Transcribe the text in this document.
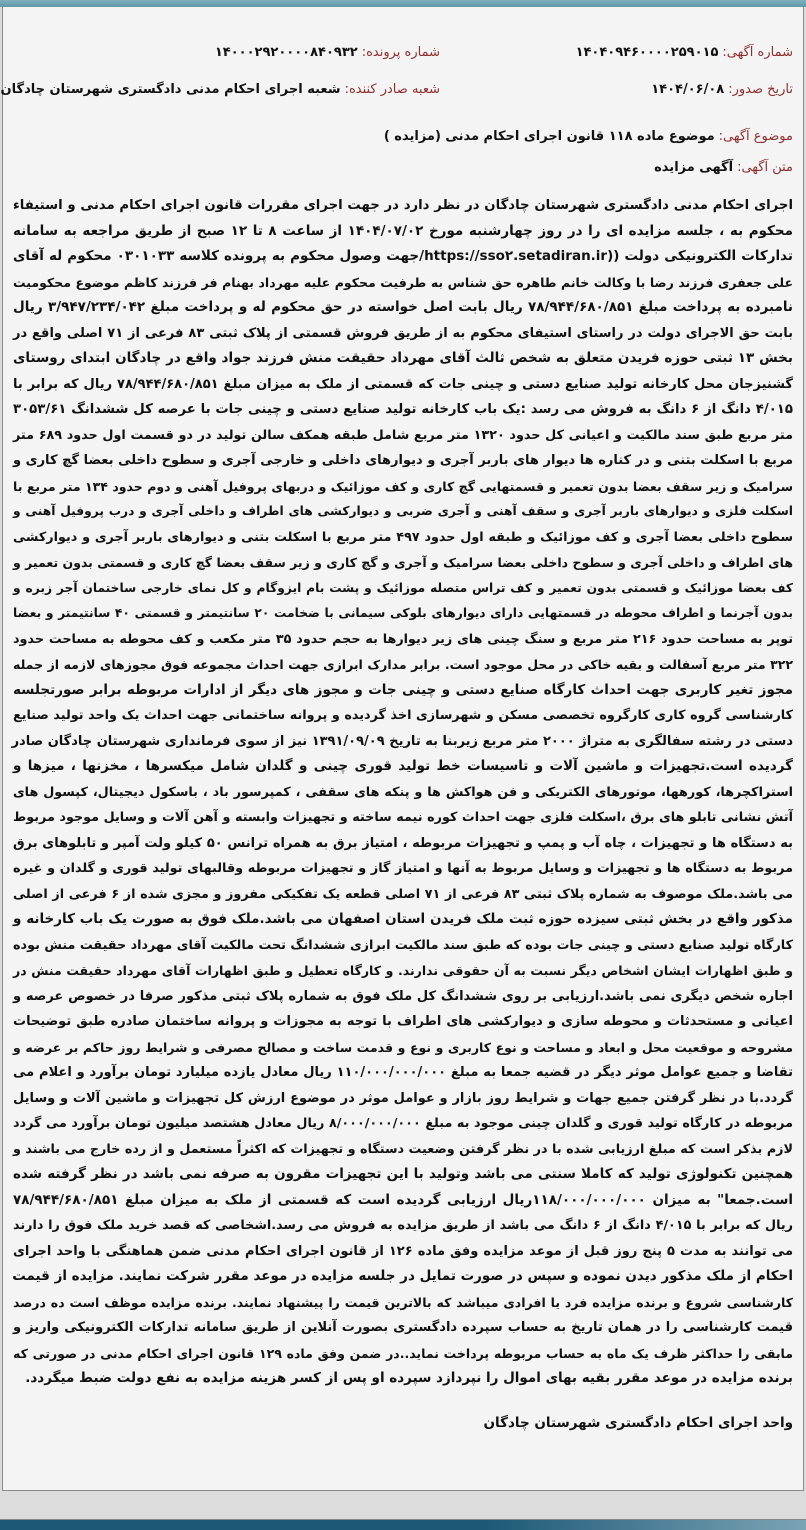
شماره آگهی:۱۴۰۴۰۹۴۶۰۰۰۰۲۵۹۰۱۵
شماره پرونده:۱۴۰۰۰۲۹۲۰۰۰۰۸۴۰۹۳۲
تاریخ صدور:۱۴۰۴/۰۶/۰۸
شعبه صادر کننده:شعبه اجرای احکام مدنی دادگستری شهرستان چادگان
موضوع آگهی:موضوع ماده ۱۱۸ قانون اجرای احکام مدنی (مزایده )
متن آگهی:آگهی مزایده
اجرای احکام مدنی دادگستری شهرستان چادگان در نظر دارد در جهت اجرای مقررات قانون اجرای احکام مدنی و استیفاء
محکوم به ، جلسه مزایده ای را در روز چهارشنبه مورخ ۱۴۰۴/۰۷/۰۲ از ساعت ۸ تا ۱۲ صبح از طریق مراجعه به سامانه
تدارکات الکترونیکی دولت ((https://sso۲.setadiran.ir/جهت وصول محکوم به پرونده کلاسه ۰۳۰۱۰۳۳ محکوم له آقای
علی جعفری فرزند رضا با وکالت خانم طاهره حق شناس به طرفیت محکوم علیه مهرداد بهنام فر فرزند کاظم موضوع محکومیت
نامبرده به پرداخت مبلغ ۷۸/۹۴۴/۶۸۰/۸۵۱ ریال بابت اصل خواسته در حق محکوم له و پرداخت مبلغ ۳/۹۴۷/۲۳۴/۰۴۲ ریال
بابت حق الاجرای دولت در راستای استیفای محکوم به از طریق فروش قسمتی از پلاک ثبتی ۸۳ فرعی از ۷۱ اصلی واقع در
بخش ۱۳ ثبتی حوزه فریدن متعلق به شخص ثالث آقای مهرداد حقیقت منش فرزند جواد واقع در چادگان ابتدای روستای
گشنیزجان محل کارخانه تولید صنایع دستی و چینی جات که قسمتی از ملک به میزان مبلغ ۷۸/۹۴۴/۶۸۰/۸۵۱ ریال که برابر با
۴/۰۱۵ دانگ از ۶ دانگ به فروش می رسد :یک باب کارخانه تولید صنایع دستی و چینی جات با عرصه کل ششدانگ ۳۰۵۳/۶۱
متر مربع طبق سند مالکیت و اعیانی کل حدود ۱۳۲۰ متر مربع شامل طبقه همکف سالن تولید در دو قسمت اول حدود ۶۸۹ متر
مربع با اسکلت بتنی و در کناره ها دیوار های باربر آجری و دیوارهای داخلی و خارجی آجری و سطوح داخلی بعضا گچ کاری و
سرامیک و زیر سقف بعضا بدون تعمیر و قسمتهایی گچ کاری و کف موزائیک و دربهای پروفیل آهنی و دوم حدود ۱۳۴ متر مربع با
اسکلت فلزی و دیوارهای باربر آجری و سقف آهنی و آجری ضربی و دیوارکشی های اطراف و داخلی آجری و درب پروفیل آهنی و
سطوح داخلی بعضا آجری و کف موزائیک و طبقه اول حدود ۴۹۷ متر مربع با اسکلت بتنی و دیوارهای باربر آجری و دیوارکشی
های اطراف و داخلی آجری و سطوح داخلی بعضا سرامیک و آجری و گچ کاری و زیر سقف بعضا گچ کاری و قسمتی بدون تعمیر و
کف بعضا موزائیک و قسمتی بدون تعمیر و کف تراس متصله موزائیک و پشت بام ایزوگام و کل نمای خارجی ساختمان آجر زبره و
بدون آجرنما و اطراف محوطه در قسمتهایی دارای دیوارهای بلوکی سیمانی با ضخامت ۲۰ سانتیمتر و قسمتی ۴۰ سانتیمتر و بعضا
توپر به مساحت حدود ۲۱۶ متر مربع و سنگ چینی های زیر دیوارها به حجم حدود ۳۵ متر مکعب و کف محوطه به مساحت حدود
۳۲۲ متر مربع آسفالت و بقیه خاکی در محل موجود است. برابر مدارک ابرازی جهت احداث مجموعه فوق مجوزهای لازمه از جمله
مجوز تغیر کاربری جهت احداث کارگاه صنایع دستی و چینی جات و مجوز های دیگر از ادارات مربوطه برابر صورتجلسه
کارشناسی گروه کاری کارگروه تخصصی مسکن و شهرسازی اخذ گردیده و پروانه ساختمانی جهت احداث یک واحد تولید صنایع
دستی در رشته سفالگری به متراژ ۲۰۰۰ متر مربع زیربنا به تاریخ ۱۳۹۱/۰۹/۰۹ نیز از سوی فرمانداری شهرستان چادگان صادر
گردیده است.تجهیزات و ماشین آلات و تاسیسات خط تولید قوری چینی و گلدان شامل میکسرها ، مخزنها ، میزها و
استراکچرها، کورهها، موتورهای الکتریکی و فن هواکش ها و پنکه های سقفی ، کمپرسور باد ، باسکول دیجیتال، کپسول های
آتش نشانی تابلو های برق ،اسکلت فلزی جهت احداث کوره نیمه ساخته و تجهیزات وابسته و آهن آلات و وسایل موجود مربوط
به دستگاه ها و تجهیزات ، چاه آب و پمپ و تجهیزات مربوطه ، امتیاز برق به همراه ترانس ۵۰ کیلو ولت آمپر و تابلوهای برق
مربوط به دستگاه ها و تجهیزات و وسایل مربوط به آنها و امتیاز گاز و تجهیزات مربوطه وقالبهای تولید قوری و گلدان و غیره
می باشد.ملک موصوف به شماره پلاک ثبتی ۸۳ فرعی از ۷۱ اصلی قطعه یک تفکیکی مفروز و مجزی شده از ۶ فرعی از اصلی
مذکور واقع در بخش ثبتی سیزده حوزه ثبت ملک فریدن استان اصفهان می باشد.ملک فوق به صورت یک باب کارخانه و
کارگاه تولید صنایع دستی و چینی جات بوده که طبق سند مالکیت ابرازی ششدانگ تحت مالکیت آقای مهرداد حقیقت منش بوده
و طبق اظهارات ایشان اشخاص دیگر نسبت به آن حقوقی ندارند. و کارگاه تعطیل و طبق اظهارات آقای مهرداد حقیقت منش در
اجاره شخص دیگری نمی باشد.ارزیابی بر روی ششدانگ کل ملک فوق به شماره پلاک ثبتی مذکور صرفا در خصوص عرصه و
اعیانی و مستحدثات و محوطه سازی و دیوارکشی های اطراف با توجه به مجوزات و پروانه ساختمان صادره طبق توضیحات
مشروحه و موقعیت محل و ابعاد و مساحت و نوع کاربری و نوع و قدمت ساخت و مصالح مصرفی و شرایط روز حاکم بر عرضه و
تقاضا و جمیع عوامل موثر دیگر در قضیه جمعا به مبلغ ۱۱۰/۰۰۰/۰۰۰/۰۰۰ ریال معادل یازده میلیارد تومان برآورد و اعلام می
گردد.با در نظر گرفتن جمیع جهات و شرایط روز بازار و عوامل موثر در موضوع ارزش کل تجهیزات و ماشین آلات و وسایل
مربوطه در کارگاه تولید قوری و گلدان چینی موجود به مبلغ ۸/۰۰۰/۰۰۰/۰۰۰ ریال معادل هشتصد میلیون تومان برآورد می گردد
لازم بذکر است که مبلغ ارزیابی شده با در نظر گرفتن وضعیت دستگاه و تجهیزات که اکثراً مستعمل و از رده خارج می باشند و
همچنین تکنولوژی تولید که کاملا سنتی می باشد وتولید با این تجهیزات مقرون به صرفه نمی باشد در نظر گرفته شده
است.جمعا" به میزان ۱۱۸/۰۰۰/۰۰۰/۰۰۰ریال ارزیابی گردیده است که قسمتی از ملک به میزان مبلغ ۷۸/۹۴۴/۶۸۰/۸۵۱
ریال که برابر با ۴/۰۱۵ دانگ از ۶ دانگ می باشد از طریق مزایده به فروش می رسد.اشخاصی که قصد خرید ملک فوق را دارند
می توانند به مدت ۵ پنج روز قبل از موعد مزایده وفق ماده ۱۲۶ از قانون اجرای احکام مدنی ضمن هماهنگی با واحد اجرای
احکام از ملک مذکور دیدن نموده و سپس در صورت تمایل در جلسه مزایده در موعد مقرر شرکت نمایند. مزایده از قیمت
کارشناسی شروع و برنده مزایده فرد یا افرادی میباشد که بالاترین قیمت را پیشنهاد نمایند. برنده مزایده موظف است ده درصد
قیمت کارشناسی را در همان تاریخ به حساب سپرده دادگستری بصورت آنلاین از طریق سامانه تدارکات الکترونیکی واریز و
مابقی را حداکثر ظرف یک ماه به حساب مربوطه پرداخت نماید..در ضمن وفق ماده ۱۲۹ قانون اجرای احکام مدنی در صورتی که
برنده مزایده در موعد مقرر بقیه بهای اموال را نپردازد سپرده او پس از کسر هزینه مزایده به نفع دولت ضبط میگردد.
واحد اجرای احکام دادگستری شهرستان چادگان
